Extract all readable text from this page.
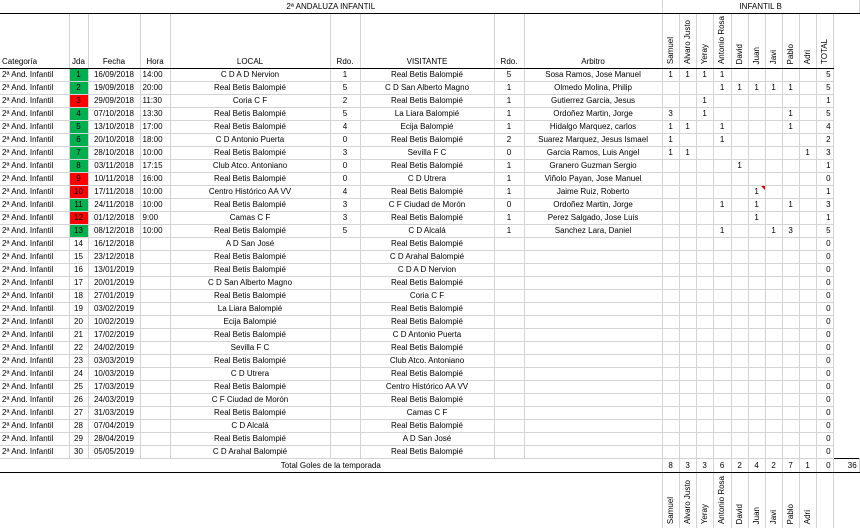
2ª ANDALUZA INFANTIL									INFANTIL B										
Categoría	Jda	Fecha	Hora	LOCAL	Rdo.	VISITANTE	Rdo.	Arbitro	Samuel	Alvaro Justo	Yeray	Antonio Rosa	David	Juan	Javi	Pablo	Adri	TOTAL	
2ª And. Infantil	1	16/09/2018	14:00	C D A D Nervion	1	Real Betis Balompié	5	Sosa Ramos, Jose Manuel	1	1	1	1						5	
2ª And. Infantil	2	19/09/2018	20:00	Real Betis Balompié	5	C D San Alberto Magno	1	Olmedo Molina, Philip				1	1	1	1	1		5	
2ª And. Infantil	3	29/09/2018	11:30	Coria C F	2	Real Betis Balompié	1	Gutierrez Garcia, Jesus			1							1	
2ª And. Infantil	4	07/10/2018	13:30	Real Betis Balompié	5	La Liara Balompié	1	Ordoñez Martin, Jorge	3		1					1		5	
2ª And. Infantil	5	13/10/2018	17:00	Real Betis Balompié	4	Ecija Balompié	1	Hidalgo Marquez, carlos	1	1		1				1		4	
2ª And. Infantil	6	20/10/2018	18:00	C D Antonio Puerta	0	Real Betis Balompié	2	Suarez Marquez, Jesus Ismael	1			1						2	
2ª And. Infantil	7	28/10/2018	10:00	Real Betis Balompié	3	Sevilla F C	0	Garcia Ramos, Luis Angel	1	1							1	3	
2ª And. Infantil	8	03/11/2018	17:15	Club Atco. Antoniano	0	Real Betis Balompié	1	Granero Guzman Sergio					1					1	
2ª And. Infantil	9	10/11/2018	16:00	Real Betis Balompié	0	C D Utrera	1	Viñolo Payan, Jose Manuel										0	
2ª And. Infantil	10	17/11/2018	10:00	Centro Histórico AA VV	4	Real Betis Balompié	1	Jaime Ruiz, Roberto						1				1	
2ª And. Infantil	11	24/11/2018	10:00	Real Betis Balompié	3	C F Ciudad de Morón	0	Ordoñez Martin, Jorge				1		1		1		3	
2ª And. Infantil	12	01/12/2018	9:00	Camas C F	3	Real Betis Balompié	1	Perez Salgado, Jose Luis						1				1	
2ª And. Infantil	13	08/12/2018	10:00	Real Betis Balompié	5	C D Alcalá	1	Sanchez Lara, Daniel				1			1	3		5	
2ª And. Infantil	14	16/12/2018		A D San José		Real Betis Balompié												0	
2ª And. Infantil	15	23/12/2018		Real Betis Balompié		C D Arahal Balompié												0	
2ª And. Infantil	16	13/01/2019		Real Betis Balompié		C D A D Nervion												0	
2ª And. Infantil	17	20/01/2019		C D San Alberto Magno		Real Betis Balompié												0	
2ª And. Infantil	18	27/01/2019		Real Betis Balompié		Coria C F												0	
2ª And. Infantil	19	03/02/2019		La Liara Balompié		Real Betis Balompié												0	
2ª And. Infantil	20	10/02/2019		Ecija Balompié		Real Betis Balompié												0	
2ª And. Infantil	21	17/02/2019		Real Betis Balompié		C D Antonio Puerta												0	
2ª And. Infantil	22	24/02/2019		Sevilla F C		Real Betis Balompié												0	
2ª And. Infantil	23	03/03/2019		Real Betis Balompié		Club Atco. Antoniano												0	
2ª And. Infantil	24	10/03/2019		C D Utrera		Real Betis Balompié												0	
2ª And. Infantil	25	17/03/2019		Real Betis Balompié		Centro Histórico AA VV												0	
2ª And. Infantil	26	24/03/2019		C F Ciudad de Morón		Real Betis Balompié												0	
2ª And. Infantil	27	31/03/2019		Real Betis Balompié		Camas C F												0	
2ª And. Infantil	28	07/04/2019		C D Alcalá		Real Betis Balompié												0	
2ª And. Infantil	29	28/04/2019		Real Betis Balompié		A D San José												0	
2ª And. Infantil	30	05/05/2019		C D Arahal Balompié		Real Betis Balompié												0	
Total Goles de la temporada									8	3	3	6	2	4	2	7	1	0	36
									Samuel	Alvaro Justo	Yeray	Antonio Rosa	David	Juan	Javi	Pablo	Adri		
